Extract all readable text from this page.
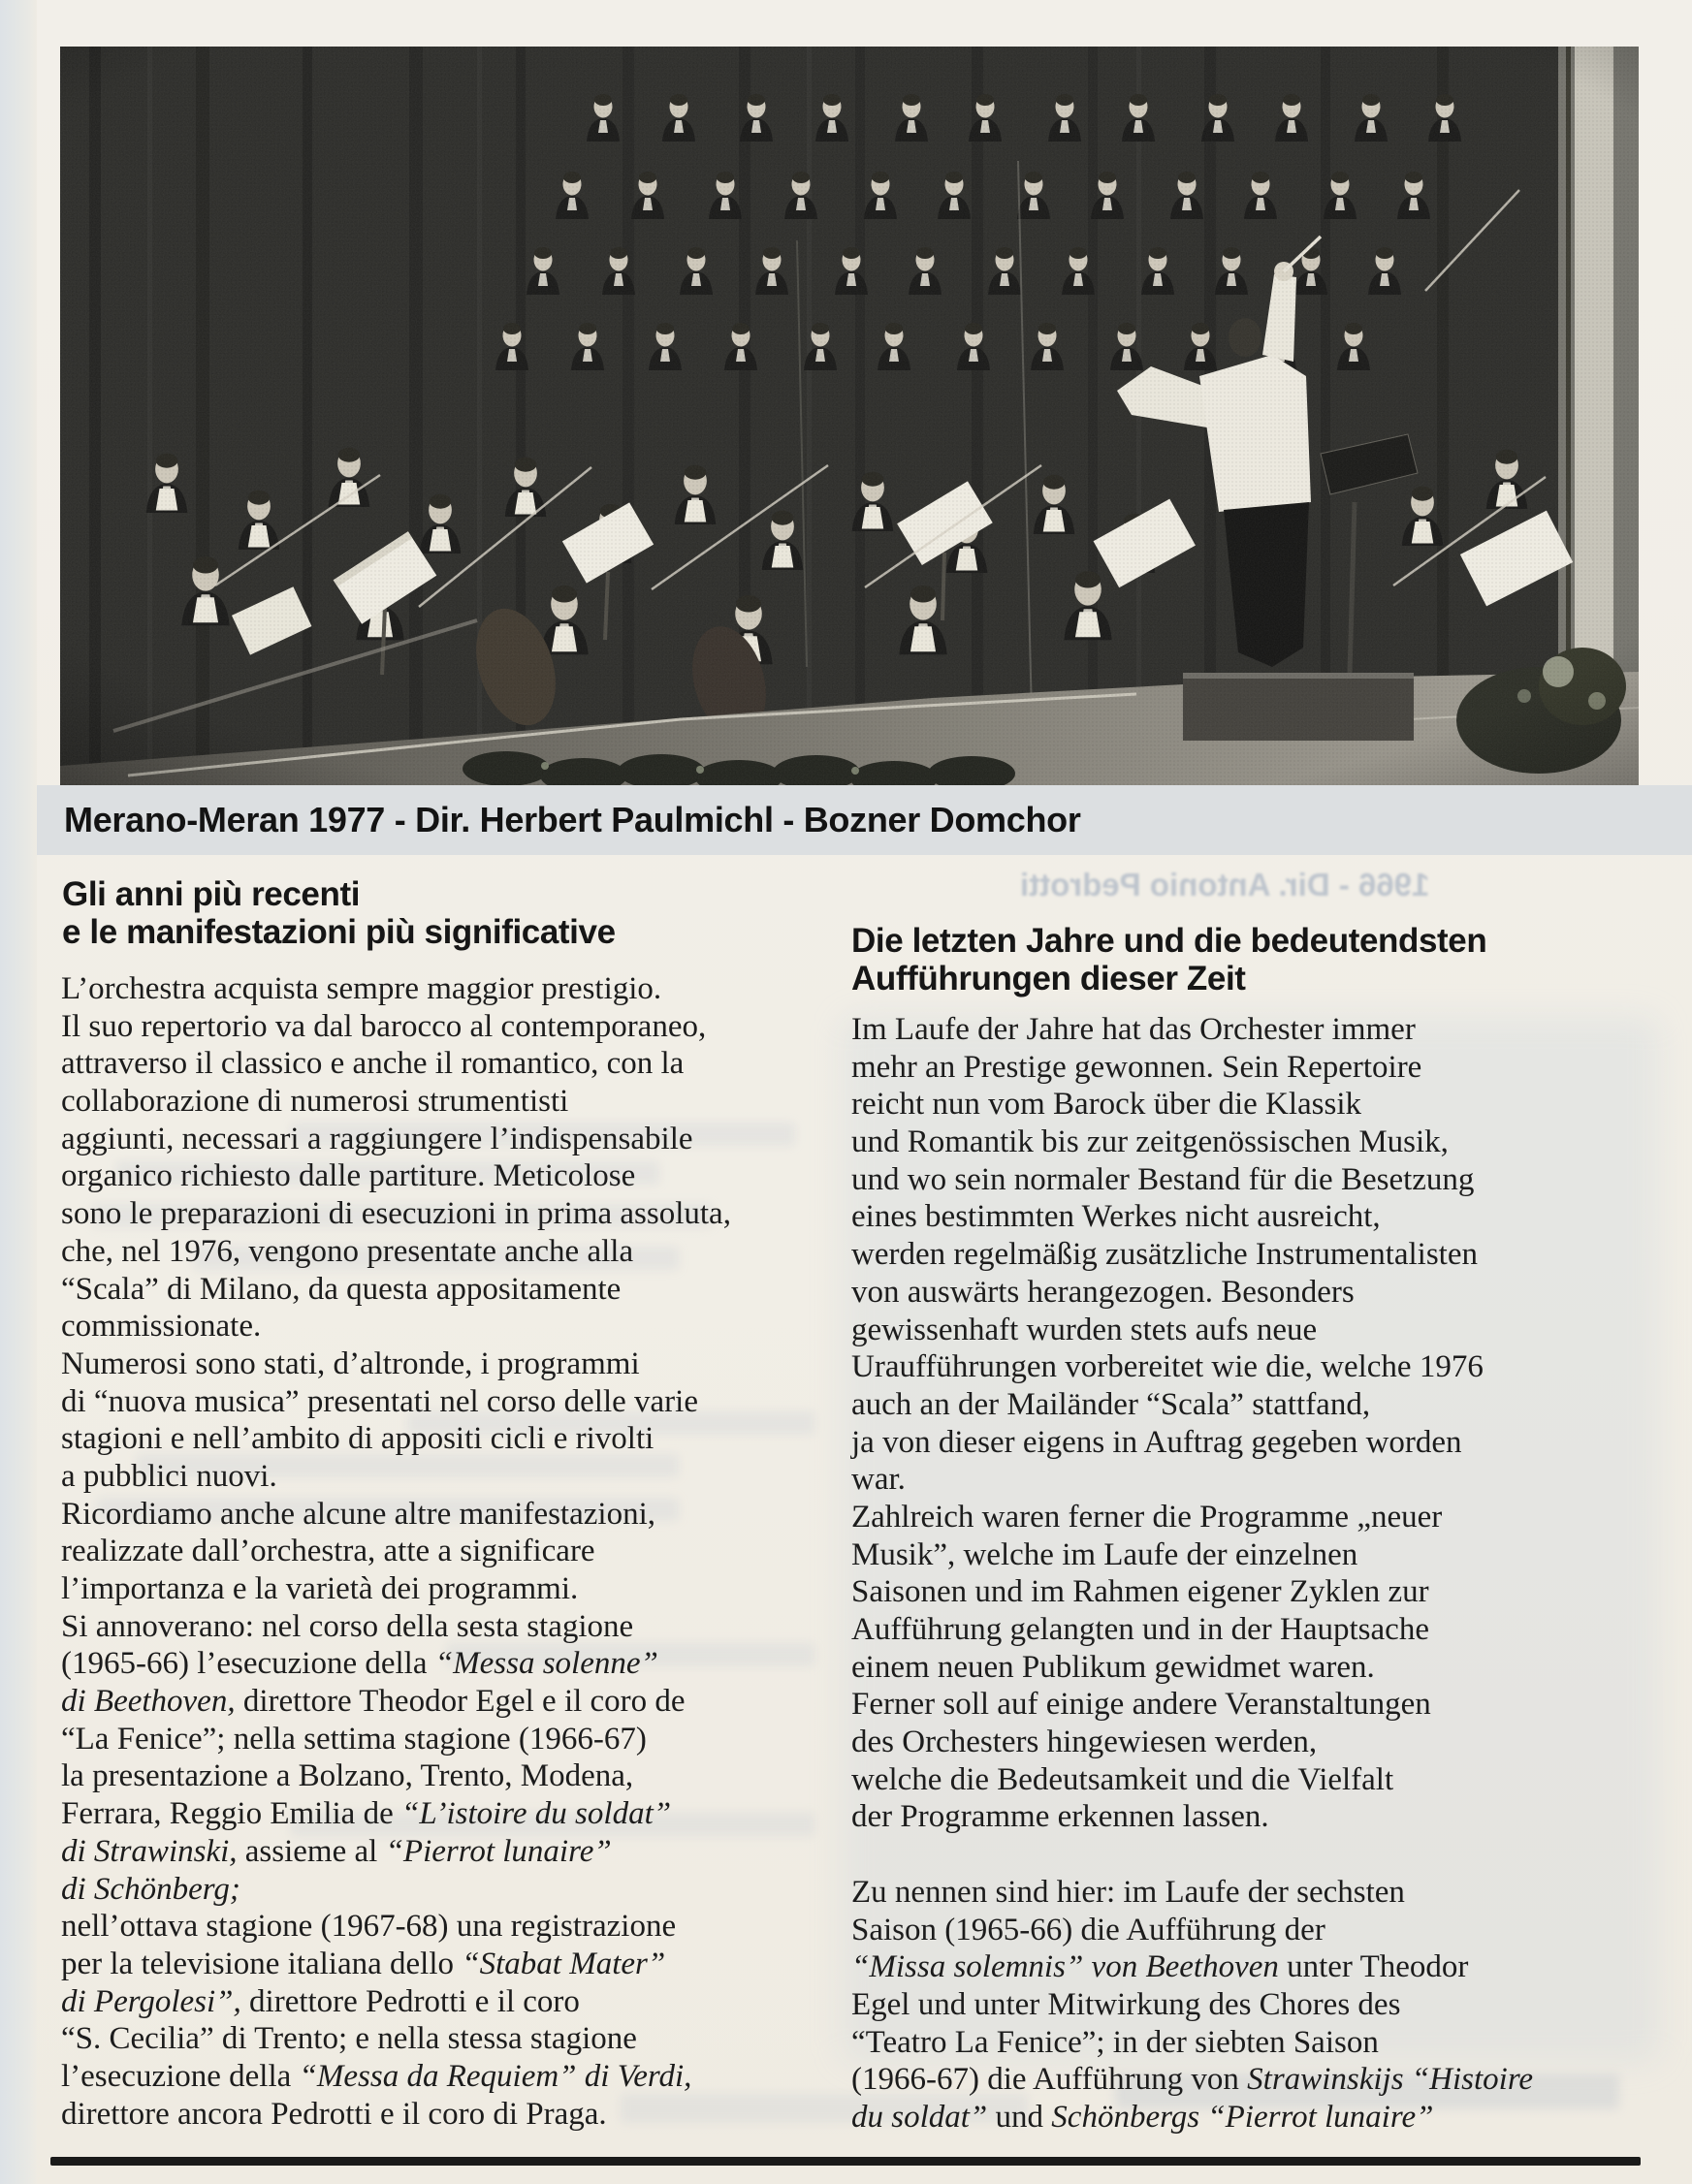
Merano-Meran 1977 - Dir. Herbert Paulmichl - Bozner Domchor
1966 - Dir. Antonio Pedrotti
Gli anni più recenti
e le manifestazioni più significative	Die letzten Jahre und die bedeutendsten
Aufführungen dieser Zeit
L’orchestra acquista sempre maggior prestigio.
Il suo repertorio va dal barocco al contemporaneo,
attraverso il classico e anche il romantico, con la
collaborazione di numerosi strumentisti
aggiunti, necessari a raggiungere l’indispensabile
organico richiesto dalle partiture. Meticolose
sono le preparazioni di esecuzioni in prima assoluta,
che, nel 1976, vengono presentate anche alla
“Scala” di Milano, da questa appositamente
commissionate.
Numerosi sono stati, d’altronde, i programmi
di “nuova musica” presentati nel corso delle varie
stagioni e nell’ambito di appositi cicli e rivolti
a pubblici nuovi.
Ricordiamo anche alcune altre manifestazioni,
realizzate dall’orchestra, atte a significare
l’importanza e la varietà dei programmi.
Si annoverano: nel corso della sesta stagione
(1965-66) l’esecuzione della “Messa solenne”
di Beethoven, direttore Theodor Egel e il coro de
“La Fenice”; nella settima stagione (1966-67)
la presentazione a Bolzano, Trento, Modena,
Ferrara, Reggio Emilia de “L’istoire du soldat”
di Strawinski, assieme al “Pierrot lunaire”
di Schönberg;
nell’ottava stagione (1967-68) una registrazione
per la televisione italiana dello “Stabat Mater”
di Pergolesi”, direttore Pedrotti e il coro
“S. Cecilia” di Trento; e nella stessa stagione
l’esecuzione della “Messa da Requiem” di Verdi,
direttore ancora Pedrotti e il coro di Praga.
Im Laufe der Jahre hat das Orchester immer
mehr an Prestige gewonnen. Sein Repertoire
reicht nun vom Barock über die Klassik
und Romantik bis zur zeitgenössischen Musik,
und wo sein normaler Bestand für die Besetzung
eines bestimmten Werkes nicht ausreicht,
werden regelmäßig zusätzliche Instrumentalisten
von auswärts herangezogen. Besonders
gewissenhaft wurden stets aufs neue
Uraufführungen vorbereitet wie die, welche 1976
auch an der Mailänder “Scala” stattfand,
ja von dieser eigens in Auftrag gegeben worden
war.
Zahlreich waren ferner die Programme „neuer
Musik”, welche im Laufe der einzelnen
Saisonen und im Rahmen eigener Zyklen zur
Aufführung gelangten und in der Hauptsache
einem neuen Publikum gewidmet waren.
Ferner soll auf einige andere Veranstaltungen
des Orchesters hingewiesen werden,
welche die Bedeutsamkeit und die Vielfalt
der Programme erkennen lassen.

Zu nennen sind hier: im Laufe der sechsten
Saison (1965-66) die Aufführung der
“Missa solemnis” von Beethoven unter Theodor
Egel und unter Mitwirkung des Chores des
“Teatro La Fenice”; in der siebten Saison
(1966-67) die Aufführung von Strawinskijs “Histoire
du soldat” und Schönbergs “Pierrot lunaire”
